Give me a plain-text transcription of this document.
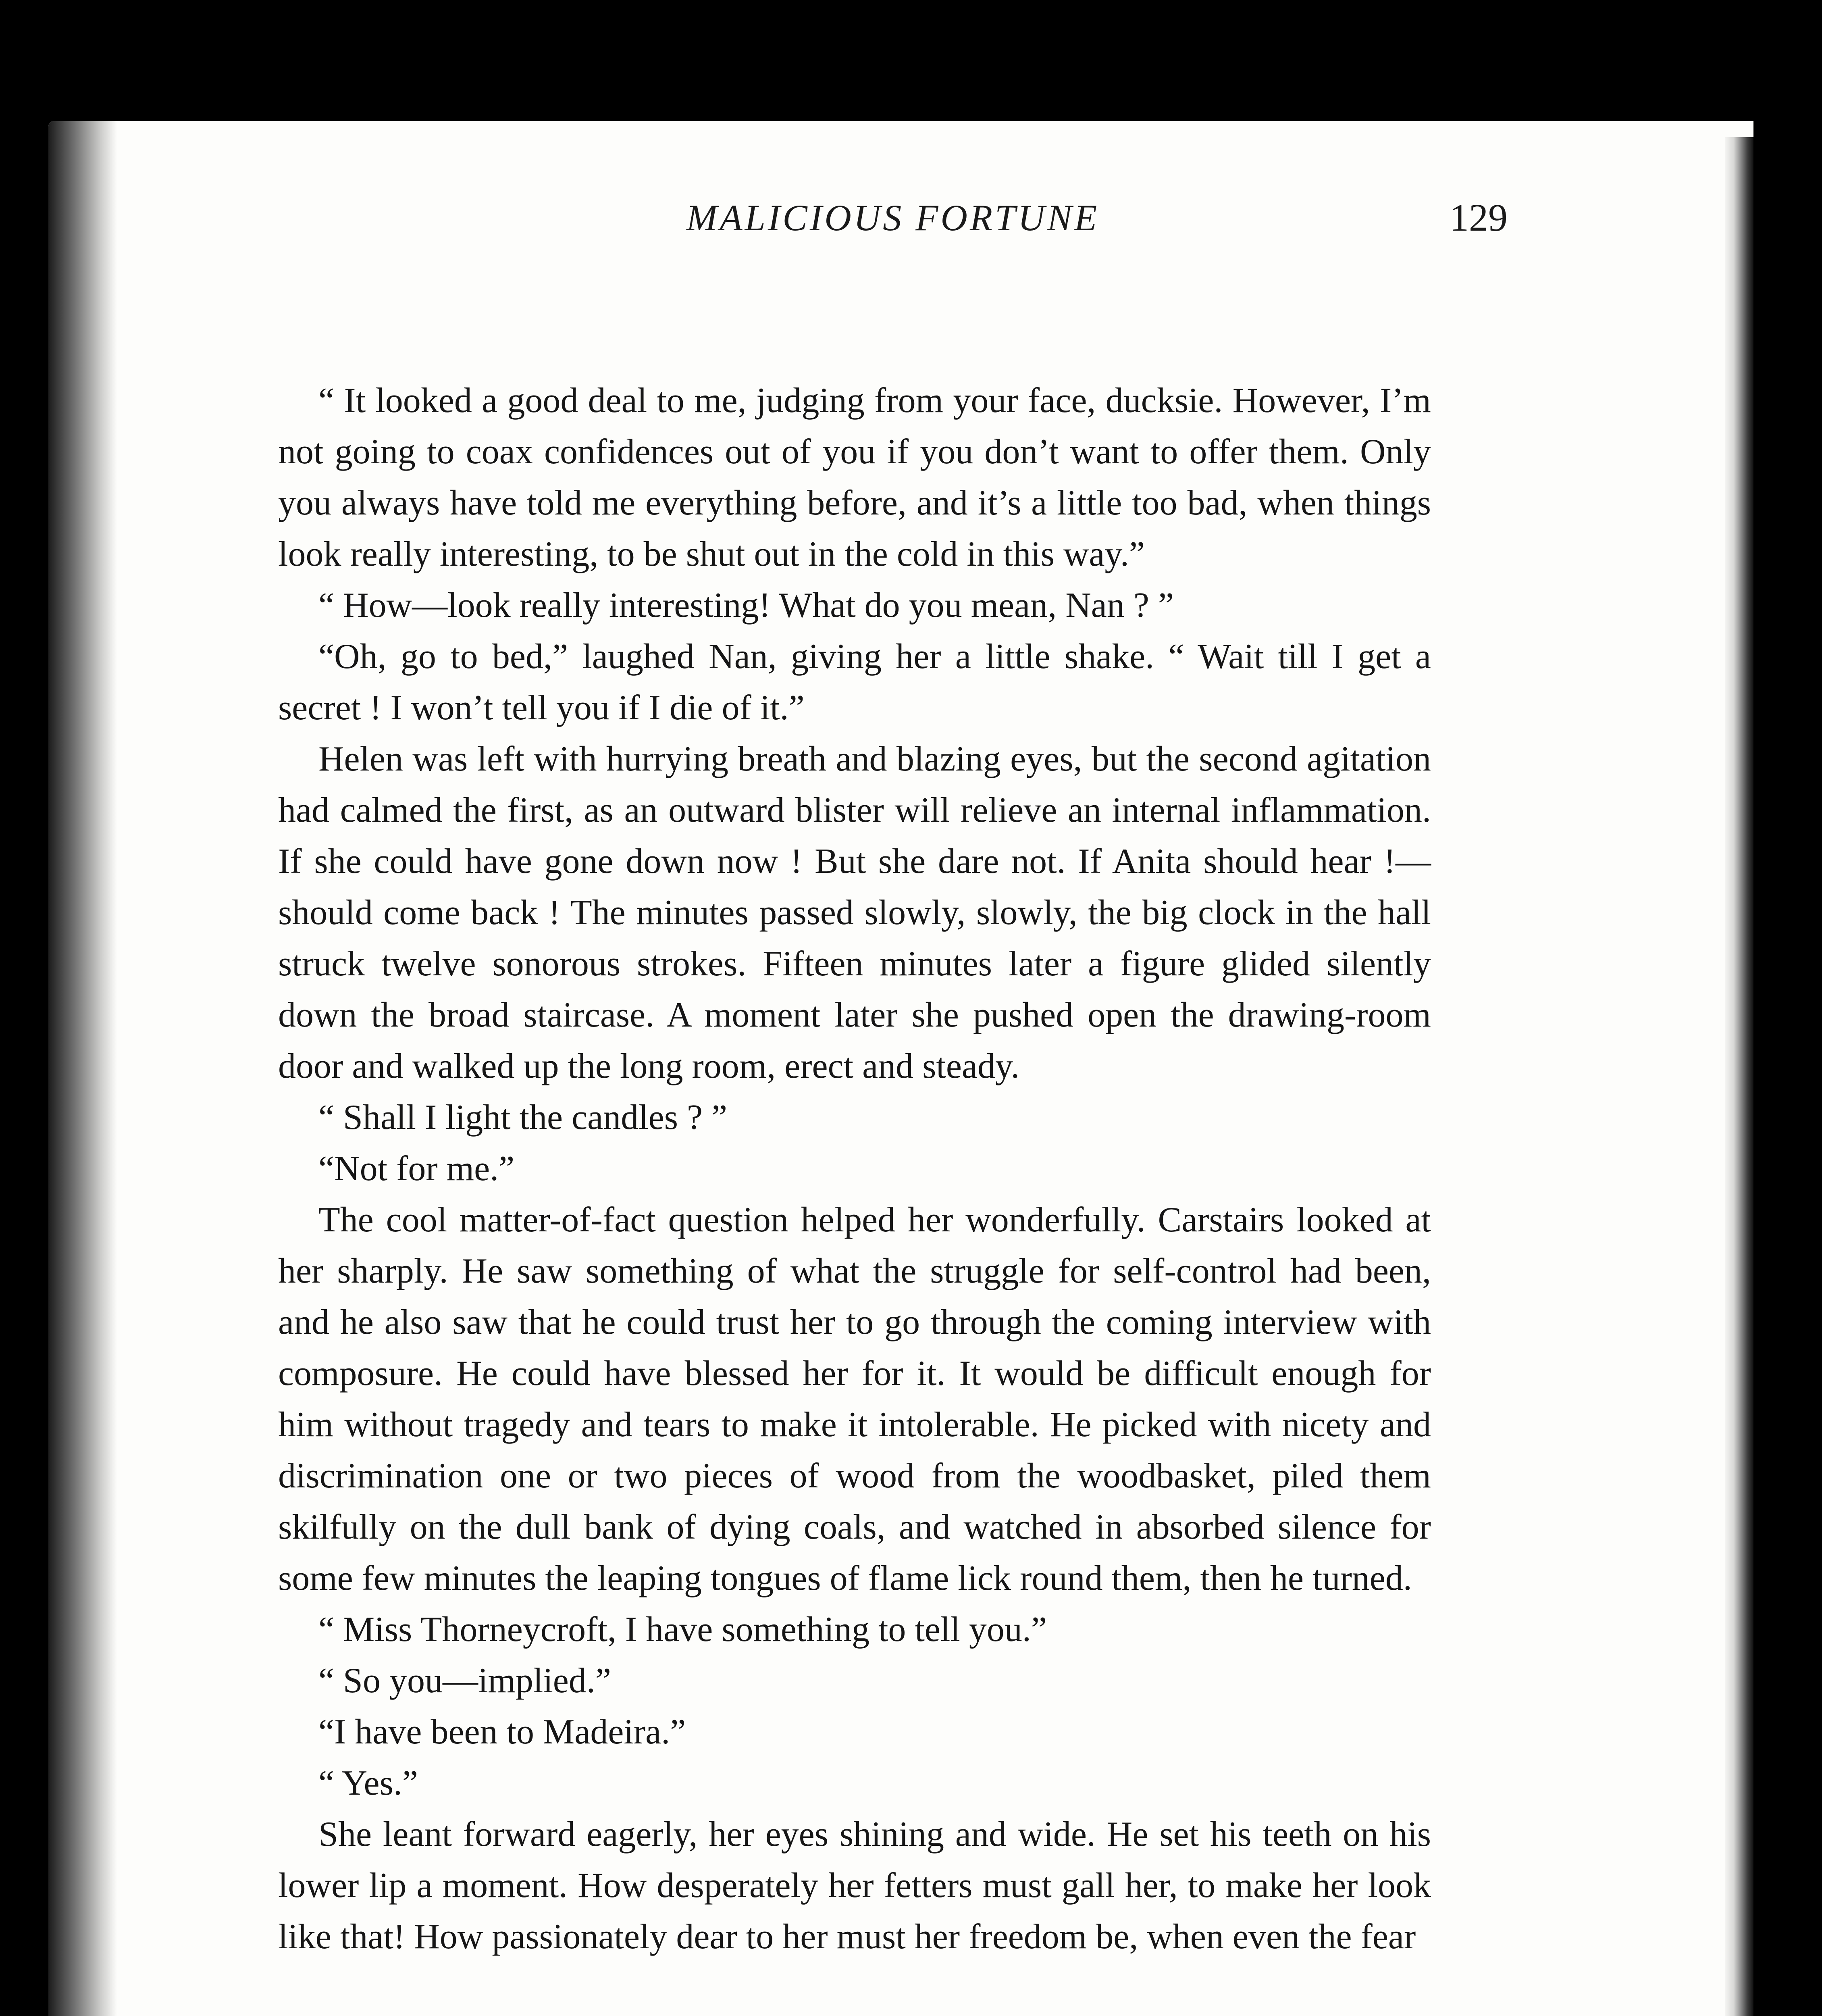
MALICIOUS FORTUNE	129

“ It looked a good deal to me, judging from your face, ducksie. However, I’m not going to coax confidences out of you if you don’t want to offer them. Only you always have told me everything before, and it’s a little too bad, when things look really interesting, to be shut out in the cold in this way.”

“ How—look really interesting! What do you mean, Nan ? ”

“Oh, go to bed,” laughed Nan, giving her a little shake. “ Wait till I get a secret ! I won’t tell you if I die of it.”

Helen was left with hurrying breath and blazing eyes, but the second agitation had calmed the first, as an outward blister will relieve an internal inflammation. If she could have gone down now ! But she dare not. If Anita should hear !—should come back ! The minutes passed slowly, slowly, the big clock in the hall struck twelve sonorous strokes. Fifteen minutes later a figure glided silently down the broad staircase. A moment later she pushed open the drawing-room door and walked up the long room, erect and steady.

“ Shall I light the candles ? ”

“Not for me.”

The cool matter-of-fact question helped her wonderfully. Carstairs looked at her sharply. He saw something of what the struggle for self-control had been, and he also saw that he could trust her to go through the coming interview with composure. He could have blessed her for it. It would be difficult enough for him without tragedy and tears to make it intolerable. He picked with nicety and discrimination one or two pieces of wood from the woodbasket, piled them skilfully on the dull bank of dying coals, and watched in absorbed silence for some few minutes the leaping tongues of flame lick round them, then he turned.

“ Miss Thorneycroft, I have something to tell you.”

“ So you—implied.”

“I have been to Madeira.”

“ Yes.”

She leant forward eagerly, her eyes shining and wide. He set his teeth on his lower lip a moment. How desperately her fetters must gall her, to make her look like that! How passionately dear to her must her freedom be, when even the fear
